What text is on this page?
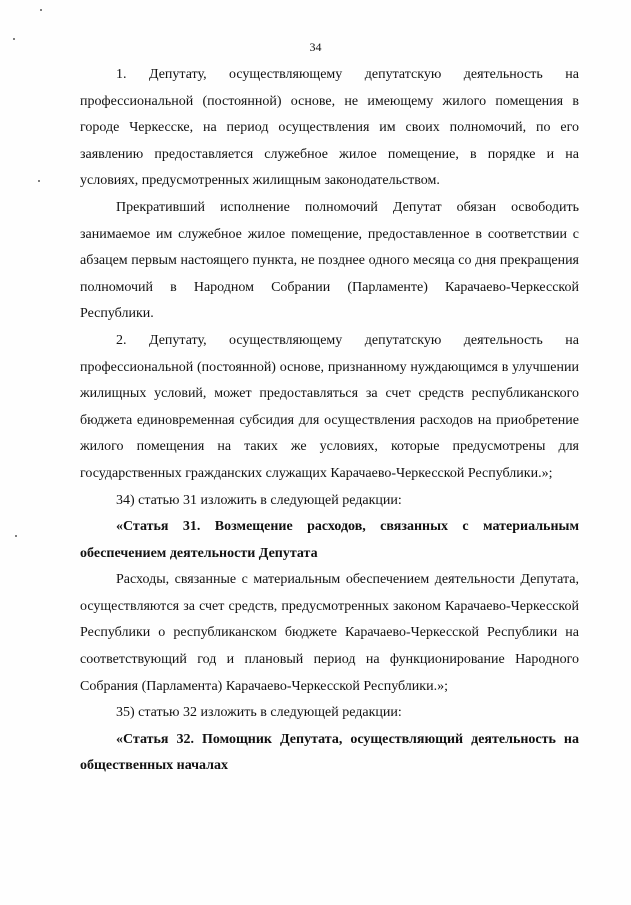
34

1. Депутату, осуществляющему депутатскую деятельность на профессиональной (постоянной) основе, не имеющему жилого помещения в городе Черкесске, на период осуществления им своих полномочий, по его заявлению предоставляется служебное жилое помещение, в порядке и на условиях, предусмотренных жилищным законодательством.

Прекративший исполнение полномочий Депутат обязан освободить занимаемое им служебное жилое помещение, предоставленное в соответствии с абзацем первым настоящего пункта, не позднее одного месяца со дня прекращения полномочий в Народном Собрании (Парламенте) Карачаево-Черкесской Республики.

2. Депутату, осуществляющему депутатскую деятельность на профессиональной (постоянной) основе, признанному нуждающимся в улучшении жилищных условий, может предоставляться за счет средств республиканского бюджета единовременная субсидия для осуществления расходов на приобретение жилого помещения на таких же условиях, которые предусмотрены для государственных гражданских служащих Карачаево-Черкесской Республики.»;

34) статью 31 изложить в следующей редакции:

«Статья 31. Возмещение расходов, связанных с материальным обеспечением деятельности Депутата

Расходы, связанные с материальным обеспечением деятельности Депутата, осуществляются за счет средств, предусмотренных законом Карачаево-Черкесской Республики о республиканском бюджете Карачаево-Черкесской Республики на соответствующий год и плановый период на функционирование Народного Собрания (Парламента) Карачаево-Черкесской Республики.»;

35) статью 32 изложить в следующей редакции:

«Статья 32. Помощник Депутата, осуществляющий деятельность на общественных началах
